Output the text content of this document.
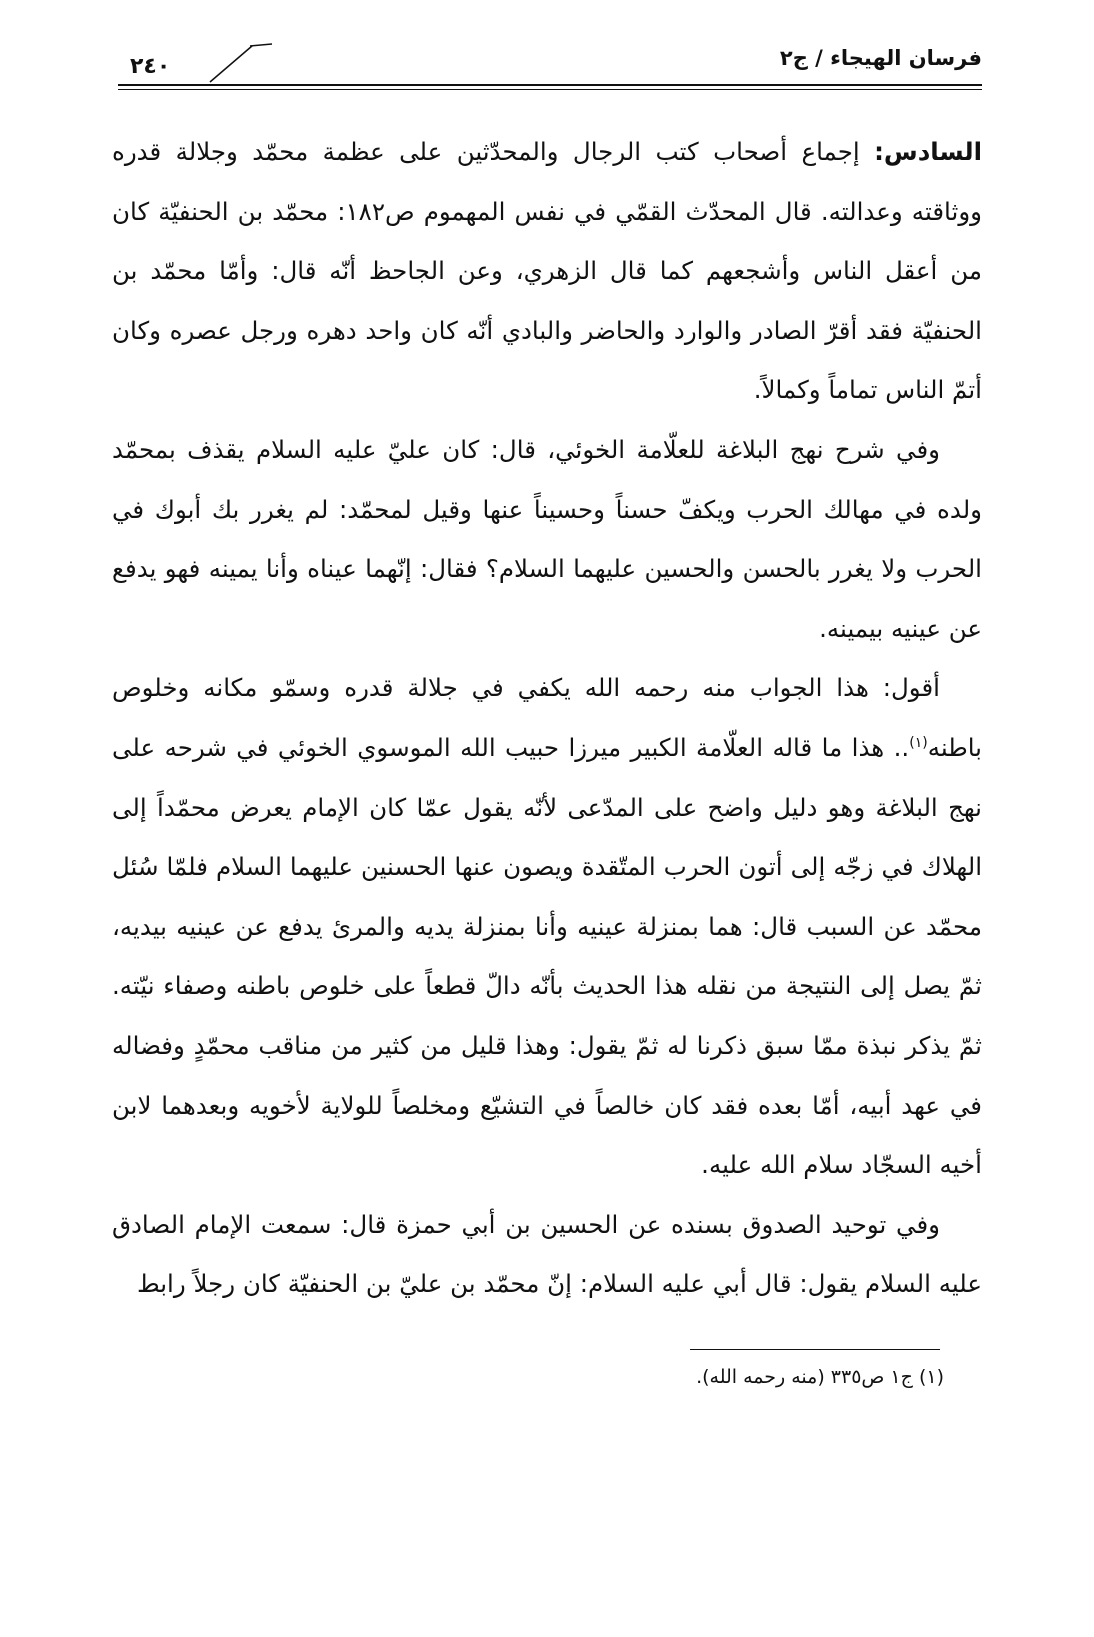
٢٤٠	فرسان الهيجاء / ج٢

السادس: إجماع أصحاب كتب الرجال والمحدّثين على عظمة محمّد وجلالة قدره ووثاقته وعدالته. قال المحدّث القمّي في نفس المهموم ص١٨٢: محمّد بن الحنفيّة كان من أعقل الناس وأشجعهم كما قال الزهري، وعن الجاحظ أنّه قال: وأمّا محمّد بن الحنفيّة فقد أقرّ الصادر والوارد والحاضر والبادي أنّه كان واحد دهره ورجل عصره وكان أتمّ الناس تماماً وكمالاً.

وفي شرح نهج البلاغة للعلّامة الخوئي، قال: كان عليّ عليه السلام يقذف بمحمّد ولده في مهالك الحرب ويكفّ حسناً وحسيناً عنها وقيل لمحمّد: لم يغرر بك أبوك في الحرب ولا يغرر بالحسن والحسين عليهما السلام؟ فقال: إنّهما عيناه وأنا يمينه فهو يدفع عن عينيه بيمينه.

أقول: هذا الجواب منه رحمه الله يكفي في جلالة قدره وسمّو مكانه وخلوص باطنه$^{(١)}$.. هذا ما قاله العلّامة الكبير ميرزا حبيب الله الموسوي الخوئي في شرحه على نهج البلاغة وهو دليل واضح على المدّعى لأنّه يقول عمّا كان الإمام يعرض محمّداً إلى الهلاك في زجّه إلى أتون الحرب المتّقدة ويصون عنها الحسنين عليهما السلام فلمّا سُئل محمّد عن السبب قال: هما بمنزلة عينيه وأنا بمنزلة يديه والمرئ يدفع عن عينيه بيديه، ثمّ يصل إلى النتيجة من نقله هذا الحديث بأنّه دالّ قطعاً على خلوص باطنه وصفاء نيّته. ثمّ يذكر نبذة ممّا سبق ذكرنا له ثمّ يقول: وهذا قليل من كثير من مناقب محمّدٍ وفضاله في عهد أبيه، أمّا بعده فقد كان خالصاً في التشيّع ومخلصاً للولاية لأخويه وبعدهما لابن أخيه السجّاد سلام الله عليه.

وفي توحيد الصدوق بسنده عن الحسين بن أبي حمزة قال: سمعت الإمام الصادق عليه السلام يقول: قال أبي عليه السلام: إنّ محمّد بن عليّ بن الحنفيّة كان رجلاً رابط

(١) ج١ ص٣٣٥ (منه رحمه الله).
